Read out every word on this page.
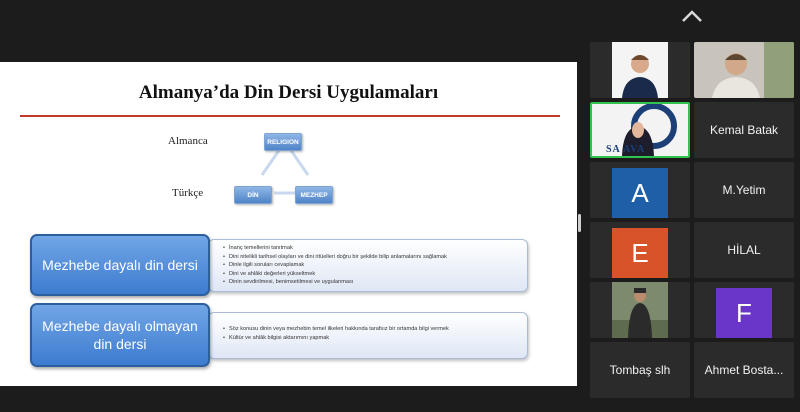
Almanya’da Din Dersi Uygulamaları
Almanca
Türkçe
RELIGION
DİN	MEZHEP
• İnanç temellerini tanıtmak
• Dini nitelikli tarihsel olayları ve dini ritüelleri doğru bir şekilde bilip anlamalarını sağlamak
• Dinle ilgili soruları cevaplamak
• Dini ve ahlâki değerleri yükseltmek
• Dinin sevdirilmesi, benimsetilmesi ve uygulanması
Mezhebe dayalı din dersi
• Söz konusu dinin veya mezhebin temel ilkeleri hakkında tarafsız bir ortamda bilgi vermek
• Kültür ve ahlâk bilgisi aktarımını yapmak
Mezhebe dayalı olmayan din dersi
SA AVA
Kemal Batak
A	M.Yetim
E	HİLAL
F
Tombaş slh	Ahmet Bosta...
